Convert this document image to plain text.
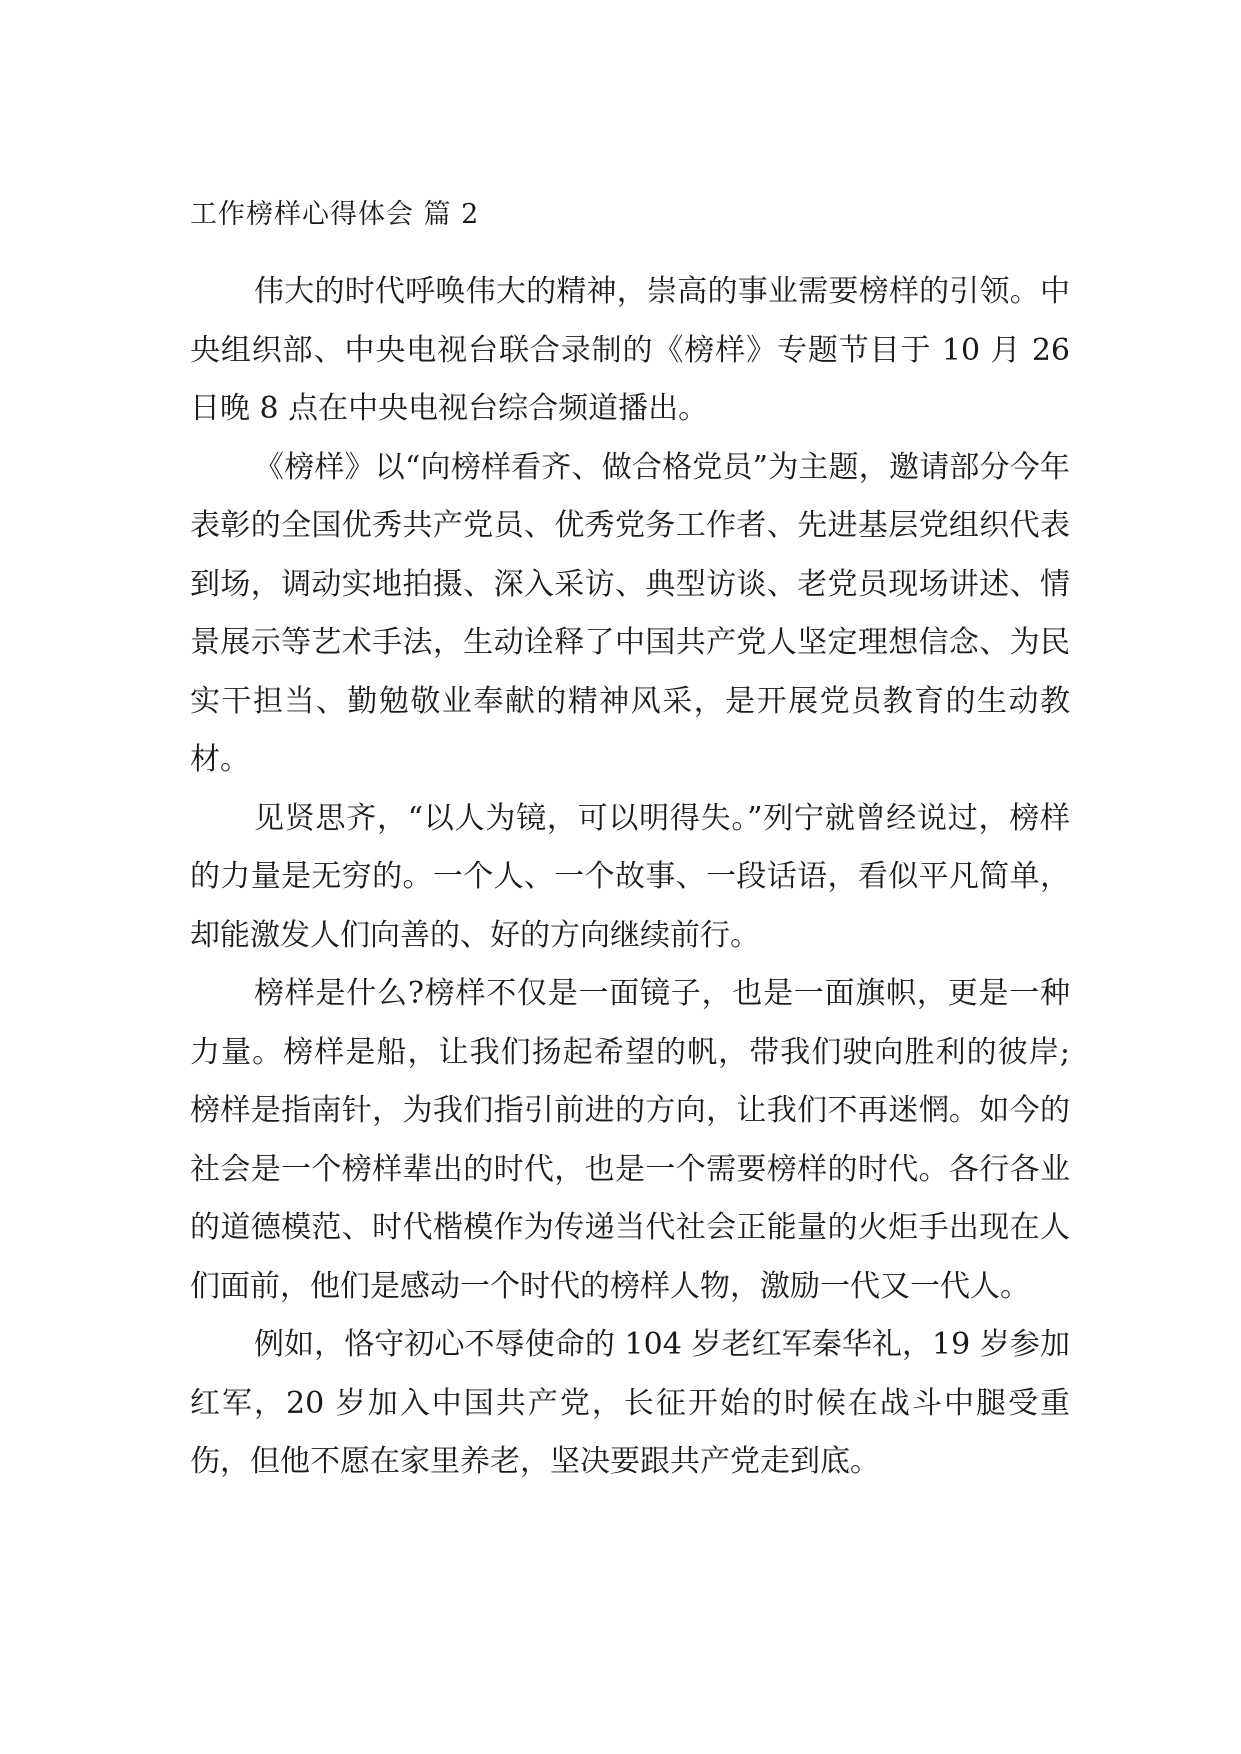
工作榜样心得体会 篇 2

伟大的时代呼唤伟大的精神，崇高的事业需要榜样的引领。中央组织部、中央电视台联合录制的《榜样》专题节目于 10 月 26 日晚 8 点在中央电视台综合频道播出。

《榜样》以“向榜样看齐、做合格党员”为主题，邀请部分今年表彰的全国优秀共产党员、优秀党务工作者、先进基层党组织代表到场，调动实地拍摄、深入采访、典型访谈、老党员现场讲述、情景展示等艺术手法，生动诠释了中国共产党人坚定理想信念、为民实干担当、勤勉敬业奉献的精神风采，是开展党员教育的生动教材。

见贤思齐，“以人为镜，可以明得失。”列宁就曾经说过，榜样的力量是无穷的。一个人、一个故事、一段话语，看似平凡简单，却能激发人们向善的、好的方向继续前行。

榜样是什么?榜样不仅是一面镜子，也是一面旗帜，更是一种力量。榜样是船，让我们扬起希望的帆，带我们驶向胜利的彼岸;榜样是指南针，为我们指引前进的方向，让我们不再迷惘。如今的社会是一个榜样辈出的时代，也是一个需要榜样的时代。各行各业的道德模范、时代楷模作为传递当代社会正能量的火炬手出现在人们面前，他们是感动一个时代的榜样人物，激励一代又一代人。

例如，恪守初心不辱使命的 104 岁老红军秦华礼，19 岁参加红军，20 岁加入中国共产党，长征开始的时候在战斗中腿受重伤，但他不愿在家里养老，坚决要跟共产党走到底。
